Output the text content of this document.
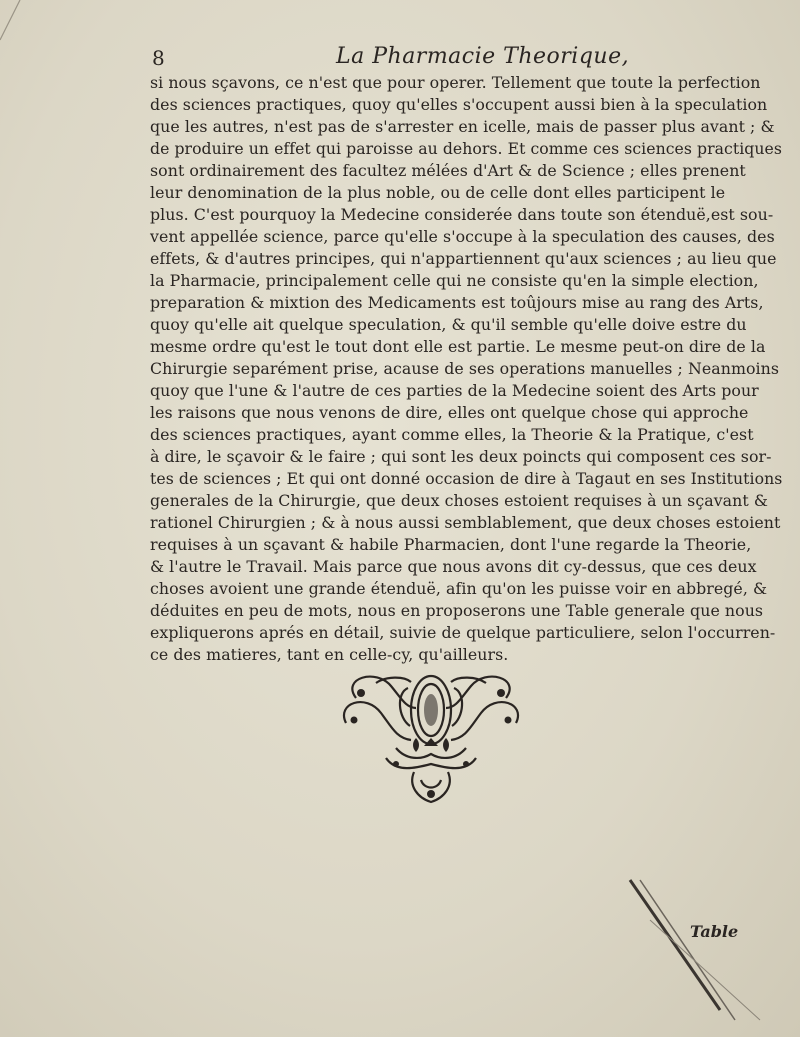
8	La Pharmacie Theorique,
si nous sçavons, ce n'est que pour operer. Tellement que toute la perfection
des sciences practiques, quoy qu'elles s'occupent aussi bien à la speculation
que les autres, n'est pas de s'arrester en icelle, mais de passer plus avant ; &
de produire un effet qui paroisse au dehors. Et comme ces sciences practiques
sont ordinairement des facultez mélées d'Art & de Science ; elles prenent
leur denomination de la plus noble, ou de celle dont elles participent le
plus. C'est pourquoy la Medecine considerée dans toute son étenduë,est sou-
vent appellée science, parce qu'elle s'occupe à la speculation des causes, des
effets, & d'autres principes, qui n'appartiennent qu'aux sciences ; au lieu que
la Pharmacie, principalement celle qui ne consiste qu'en la simple election,
preparation & mixtion des Medicaments est toûjours mise au rang des Arts,
quoy qu'elle ait quelque speculation, & qu'il semble qu'elle doive estre du
mesme ordre qu'est le tout dont elle est partie. Le mesme peut-on dire de la
Chirurgie separément prise, acause de ses operations manuelles ; Neanmoins
quoy que l'une & l'autre de ces parties de la Medecine soient des Arts pour
les raisons que nous venons de dire, elles ont quelque chose qui approche
des sciences practiques, ayant comme elles, la Theorie & la Pratique, c'est
à dire, le sçavoir & le faire ; qui sont les deux poincts qui composent ces sor-
tes de sciences ; Et qui ont donné occasion de dire à Tagaut en ses Institutions
generales de la Chirurgie, que deux choses estoient requises à un sçavant &
rationel Chirurgien ; & à nous aussi semblablement, que deux choses estoient
requises à un sçavant & habile Pharmacien, dont l'une regarde la Theorie,
& l'autre le Travail. Mais parce que nous avons dit cy-dessus, que ces deux
choses avoient une grande étenduë, afin qu'on les puisse voir en abbregé, &
déduites en peu de mots, nous en proposerons une Table generale que nous
expliquerons aprés en détail, suivie de quelque particuliere, selon l'occurren-
ce des matieres, tant en celle-cy, qu'ailleurs.
Table
